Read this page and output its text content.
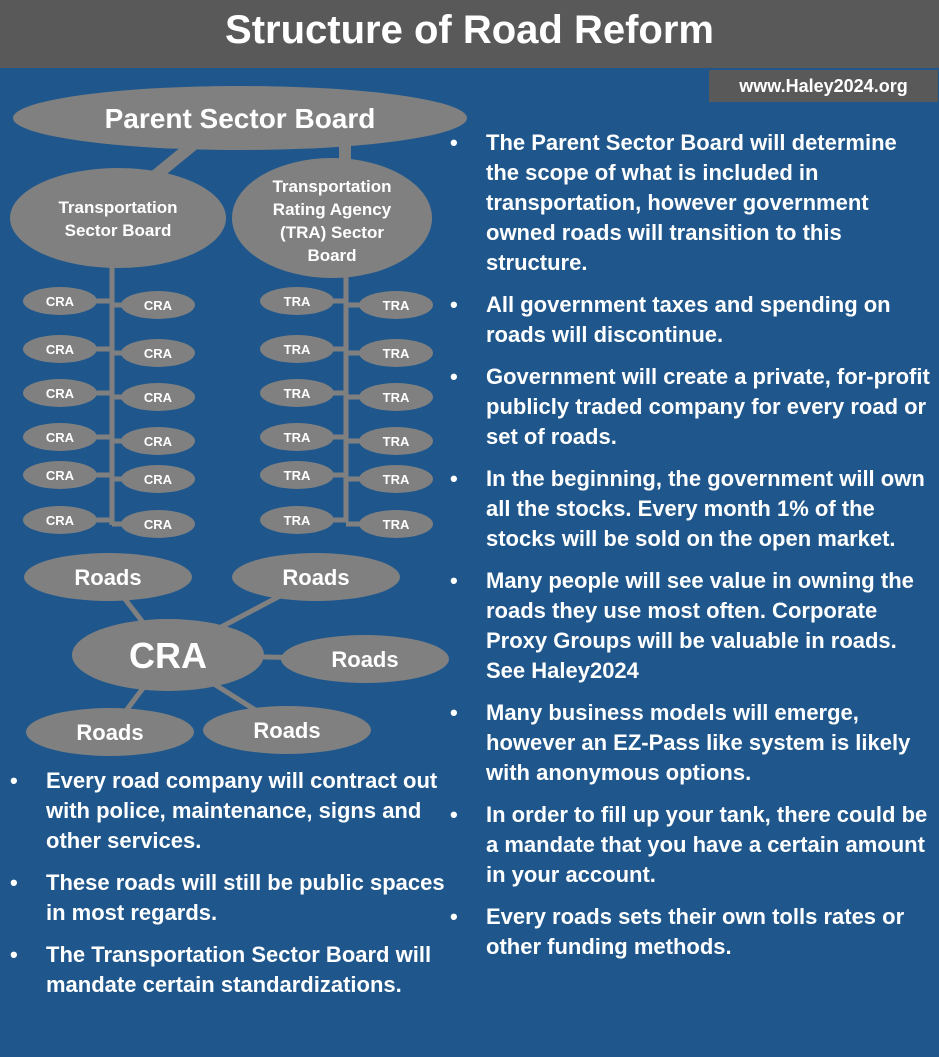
Structure of Road Reform
www.Haley2024.org
Parent Sector Board
Transportation
Sector Board
Transportation
Rating Agency
(TRA) Sector
Board
CRA	CRA
CRA	CRA
CRA	CRA
CRA	CRA
CRA	CRA
CRA	CRA
TRA	TRA
TRA	TRA
TRA	TRA
TRA	TRA
TRA	TRA
TRA	TRA
Roads	Roads
Roads
Roads	Roads
CRA
• The Parent Sector Board will determine the scope of what is included in transportation, however government owned roads will transition to this structure.
• All government taxes and spending on roads will discontinue.
• Government will create a private, for-profit publicly traded company for every road or set of roads.
• In the beginning, the government will own all the stocks. Every month 1% of the stocks will be sold on the open market.
• Many people will see value in owning the roads they use most often. Corporate Proxy Groups will be valuable in roads. See Haley2024
• Many business models will emerge, however an EZ-Pass like system is likely with anonymous options.
• In order to fill up your tank, there could be a mandate that you have a certain amount in your account.
• Every roads sets their own tolls rates or other funding methods.
• Every road company will contract out with police, maintenance, signs and other services.
• These roads will still be public spaces in most regards.
• The Transportation Sector Board will mandate certain standardizations.
